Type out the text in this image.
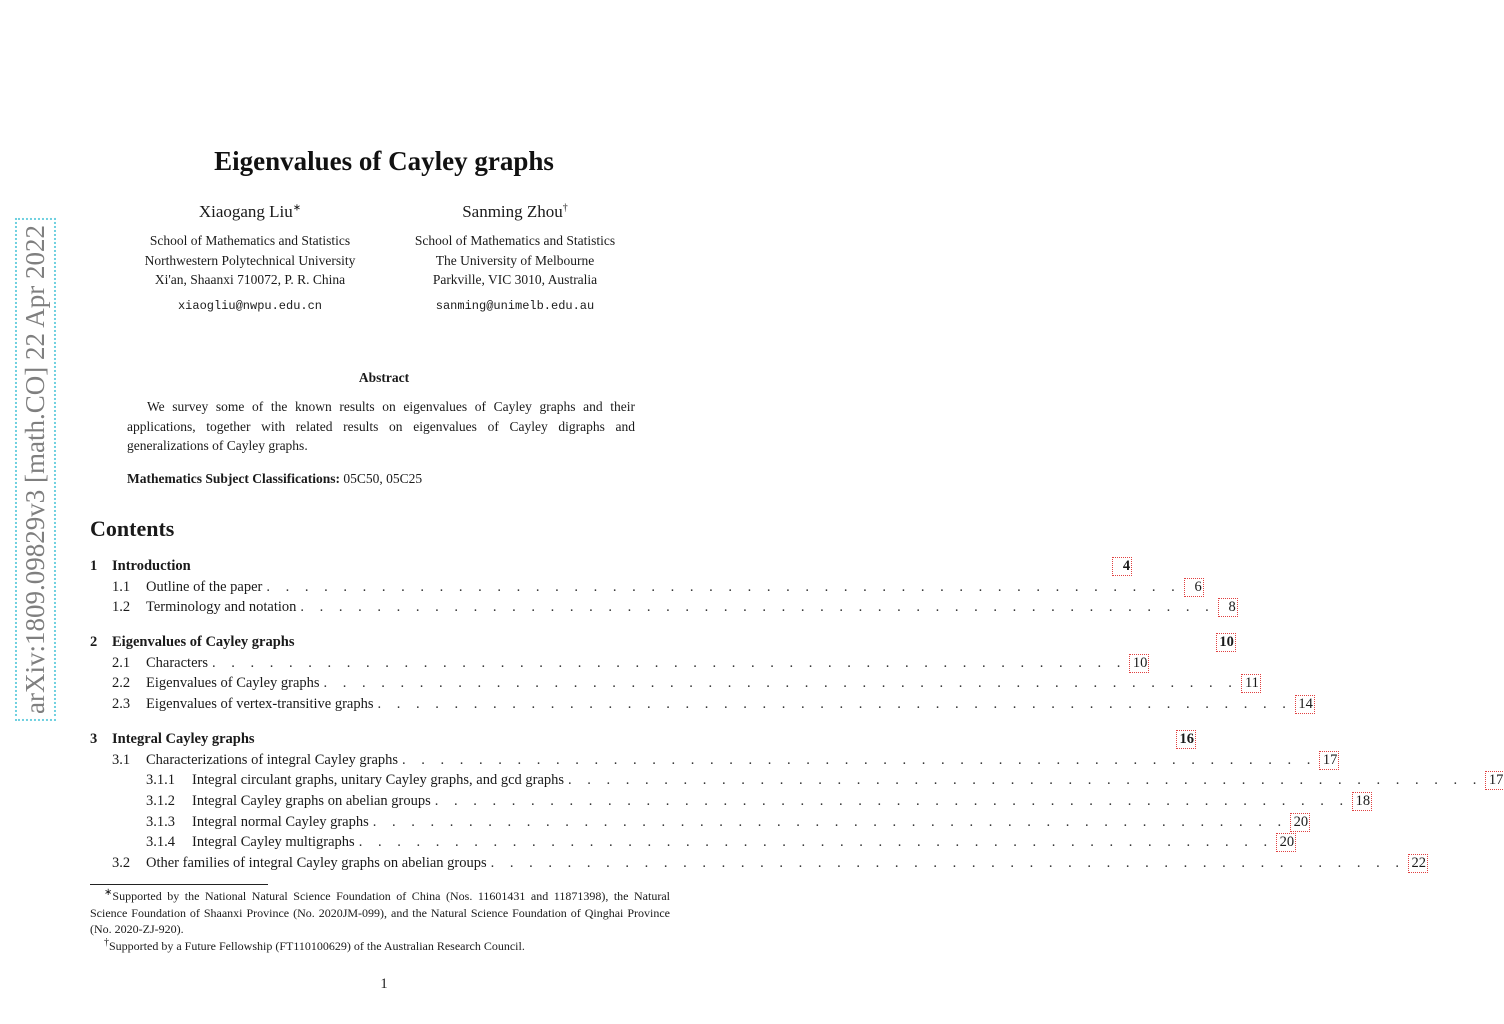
arXiv:1809.09829v3 [math.CO] 22 Apr 2022
Eigenvalues of Cayley graphs
Xiaogang Liu∗
School of Mathematics and Statistics
Northwestern Polytechnical University
Xi'an, Shaanxi 710072, P. R. China
xiaogliu@nwpu.edu.cn
Sanming Zhou†
School of Mathematics and Statistics
The University of Melbourne
Parkville, VIC 3010, Australia
sanming@unimelb.edu.au
Abstract
We survey some of the known results on eigenvalues of Cayley graphs and their applications, together with related results on eigenvalues of Cayley digraphs and generalizations of Cayley graphs.
Mathematics Subject Classifications: 05C50, 05C25
Contents
1	Introduction	4
1.1	Outline of the paper . . . . . . . . . . . . . . . . . . . . . . . . . . . . . . . . . . . . . . . . . . . . . . . . 6
1.2	Terminology and notation . . . . . . . . . . . . . . . . . . . . . . . . . . . . . . . . . . . . . . . . . . . . . . . . 8
2	Eigenvalues of Cayley graphs	10
2.1	Characters . . . . . . . . . . . . . . . . . . . . . . . . . . . . . . . . . . . . . . . . . . . . . . . . 10
2.2	Eigenvalues of Cayley graphs . . . . . . . . . . . . . . . . . . . . . . . . . . . . . . . . . . . . . . . . . . . . . . . . 11
2.3	Eigenvalues of vertex-transitive graphs . . . . . . . . . . . . . . . . . . . . . . . . . . . . . . . . . . . . . . . . . . . . . . . . 14
3	Integral Cayley graphs	16
3.1	Characterizations of integral Cayley graphs . . . . . . . . . . . . . . . . . . . . . . . . . . . . . . . . . . . . . . . . . . . . . . . . 17
3.1.1	Integral circulant graphs, unitary Cayley graphs, and gcd graphs . . . . . . . . . . . . . . . . . . . . . . . . . . . . . . . . . . . . . . . . . . . . . . . . 17
3.1.2	Integral Cayley graphs on abelian groups . . . . . . . . . . . . . . . . . . . . . . . . . . . . . . . . . . . . . . . . . . . . . . . . 18
3.1.3	Integral normal Cayley graphs . . . . . . . . . . . . . . . . . . . . . . . . . . . . . . . . . . . . . . . . . . . . . . . . 20
3.1.4	Integral Cayley multigraphs . . . . . . . . . . . . . . . . . . . . . . . . . . . . . . . . . . . . . . . . . . . . . . . . 20
3.2	Other families of integral Cayley graphs on abelian groups . . . . . . . . . . . . . . . . . . . . . . . . . . . . . . . . . . . . . . . . . . . . . . . . 22

∗Supported by the National Natural Science Foundation of China (Nos. 11601431 and 11871398), the Natural Science Foundation of Shaanxi Province (No. 2020JM-099), and the Natural Science Foundation of Qinghai Province (No. 2020-ZJ-920).

†Supported by a Future Fellowship (FT110100629) of the Australian Research Council.

1
